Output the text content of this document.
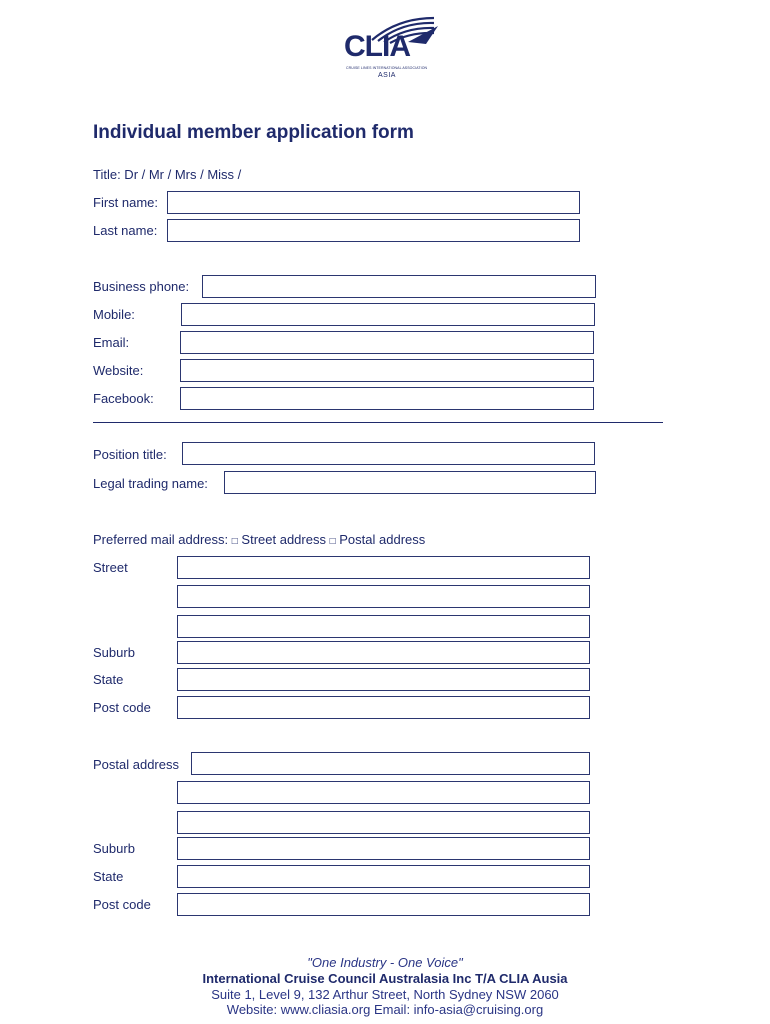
CLIA
CRUISE LINES INTERNATIONAL ASSOCIATION
ASIA
Individual member application form
Title: Dr / Mr / Mrs / Miss /
First name:
Last name:
Business phone:
Mobile:
Email:
Website:
Facebook:
Position title:
Legal trading name:
Preferred mail address: □ Street address □ Postal address
Street
Suburb
State
Post code
Postal address
Suburb
State
Post code
"One Industry - One Voice"
International Cruise Council Australasia Inc T/A CLIA Ausia
Suite 1, Level 9, 132 Arthur Street, North Sydney NSW 2060
Website: www.cliasia.org Email: info-asia@cruising.org
